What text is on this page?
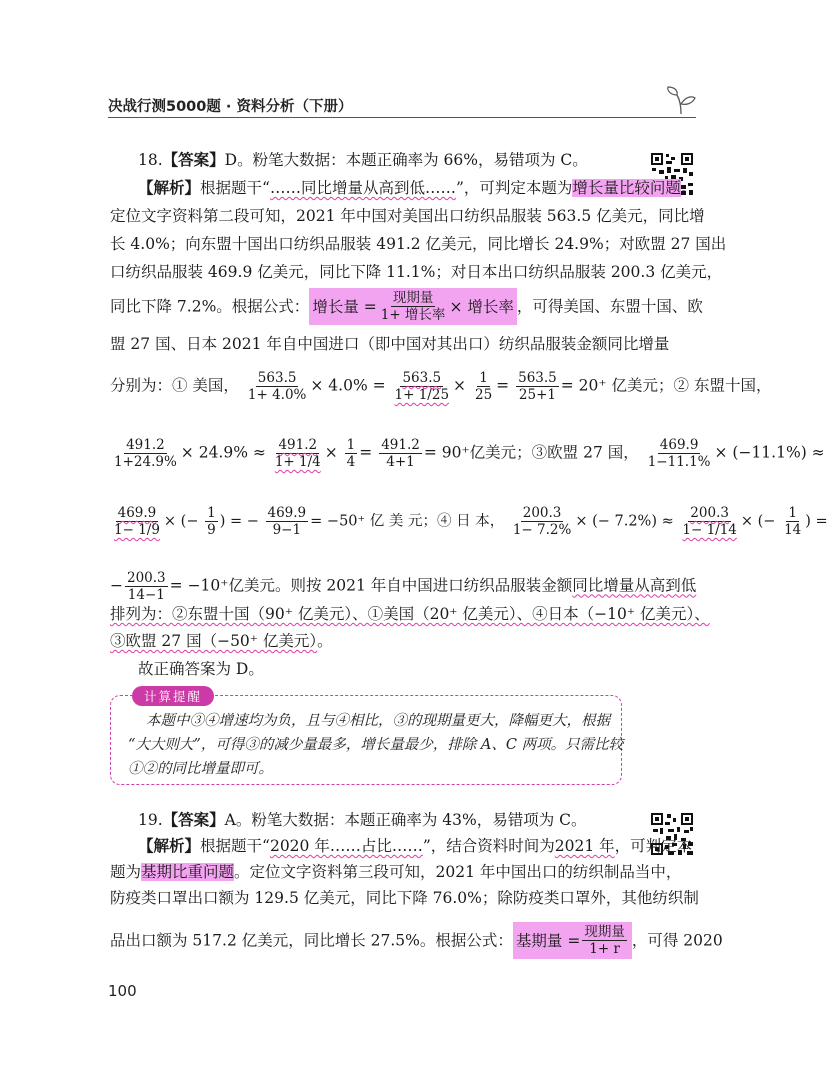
决战行测5000题 · 资料分析（下册）
18.【答案】D。粉笔大数据：本题正确率为 66%，易错项为 C。
【解析】根据题干“……同比增量从高到低……”，可判定本题为增长量比较问题。
定位文字资料第二段可知，2021 年中国对美国出口纺织品服装 563.5 亿美元，同比增
长 4.0%；向东盟十国出口纺织品服装 491.2 亿美元，同比增长 24.9%；对欧盟 27 国出
口纺织品服装 469.9 亿美元，同比下降 11.1%；对日本出口纺织品服装 200.3 亿美元，
同比下降 7.2%。根据公式： 增长量 = $\frac{\text{现期量}}{\text{1+ 增长率}}$ × 增长率 ，可得美国、东盟十国、欧
盟 27 国、日本 2021 年自中国进口（即中国对其出口）纺织品服装金额同比增量
分别为：① 美国， $\frac{563.5}{1+ 4.0\%} \times 4.0\% = \frac{563.5}{1+ 1/25} \times \frac{1}{25} = \frac{563.5}{25+1} = 20^+$ 亿美元；② 东盟十国，
$\frac{491.2}{1+24.9\%} \times 24.9\% \approx \frac{491.2}{1+ 1/4} \times \frac{1}{4} = \frac{491.2}{4+1} = 90^+$亿美元；③欧盟 27 国， $\frac{469.9}{1-11.1\%} \times (-11.1\%)$ ≈
$\frac{469.9}{1- 1/9}$ × (− $\frac{1}{9}$ ) = − $\frac{469.9}{9-1} = -50^+$ 亿 美 元；④ 日 本， $\frac{200.3}{1- 7.2\%}$ × (− $7.2\%) \approx \frac{200.3}{1- 1/14}$ × (− $\frac{1}{14}$ ) =
− $\frac{200.3}{14-1} = -10^+$亿美元。则按 2021 年自中国进口纺织品服装金额同比增量从高到低
排列为：②东盟十国（90⁺ 亿美元）、①美国（20⁺ 亿美元）、④日本（−10⁺ 亿美元）、
③欧盟 27 国（−50⁺ 亿美元）。
故正确答案为 D。
计算提醒
本题中③④增速均为负，且与④相比，③的现期量更大，降幅更大，根据
“大大则大”，可得③的减少量最多，增长量最少，排除 A、C 两项。只需比较
①②的同比增量即可。
19.【答案】A。粉笔大数据：本题正确率为 43%，易错项为 C。
【解析】根据题干“2020 年……占比……”，结合资料时间为2021 年，可判定本
题为基期比重问题。定位文字资料第三段可知，2021 年中国出口的纺织制品当中，
防疫类口罩出口额为 129.5 亿美元，同比下降 76.0%；除防疫类口罩外，其他纺织制
品出口额为 517.2 亿美元，同比增长 27.5%。根据公式： 基期量 = $\frac{\text{现期量}}{1+ r}$ ，可得 2020
100
